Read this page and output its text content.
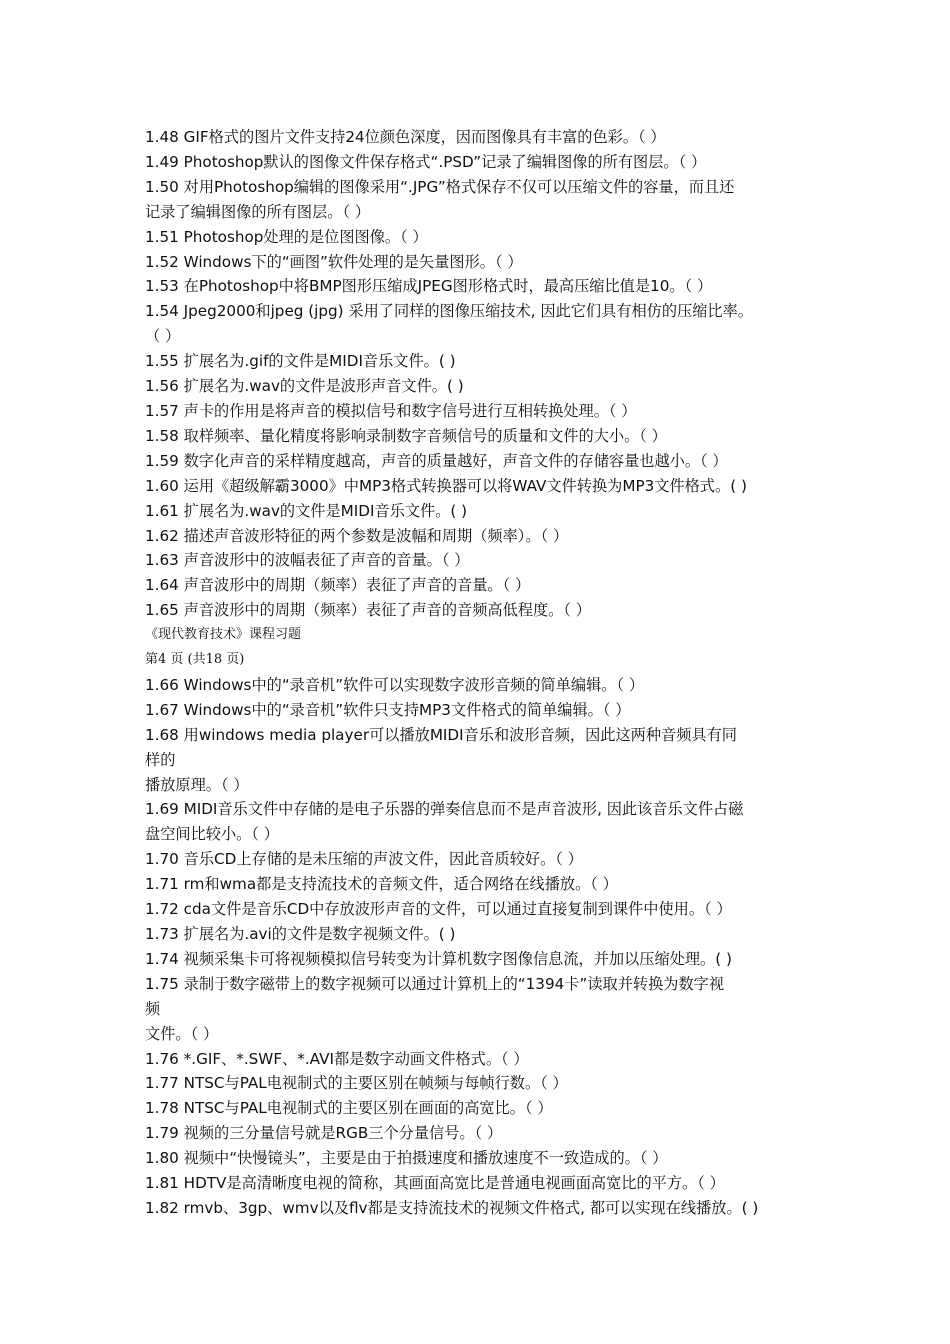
1.48 GIF格式的图片文件支持24位颜色深度，因而图像具有丰富的色彩。（ ）
1.49 Photoshop默认的图像文件保存格式“.PSD”记录了编辑图像的所有图层。（ ）
1.50 对用Photoshop编辑的图像采用“.JPG”格式保存不仅可以压缩文件的容量，而且还
记录了编辑图像的所有图层。（ ）
1.51 Photoshop处理的是位图图像。（ ）
1.52 Windows下的“画图”软件处理的是矢量图形。（ ）
1.53 在Photoshop中将BMP图形压缩成JPEG图形格式时，最高压缩比值是10。（ ）
1.54 Jpeg2000和jpeg (jpg) 采用了同样的图像压缩技术, 因此它们具有相仿的压缩比率。
（ ）
1.55 扩展名为.gif的文件是MIDI音乐文件。( )
1.56 扩展名为.wav的文件是波形声音文件。( )
1.57 声卡的作用是将声音的模拟信号和数字信号进行互相转换处理。（ ）
1.58 取样频率、量化精度将影响录制数字音频信号的质量和文件的大小。（ ）
1.59 数字化声音的采样精度越高，声音的质量越好，声音文件的存储容量也越小。（ ）
1.60 运用《超级解霸3000》中MP3格式转换器可以将WAV文件转换为MP3文件格式。( )
1.61 扩展名为.wav的文件是MIDI音乐文件。( )
1.62 描述声音波形特征的两个参数是波幅和周期（频率）。（ ）
1.63 声音波形中的波幅表征了声音的音量。（ ）
1.64 声音波形中的周期（频率）表征了声音的音量。（ ）
1.65 声音波形中的周期（频率）表征了声音的音频高低程度。（ ）
《现代教育技术》课程习题
第4 页 (共18 页)
1.66 Windows中的“录音机”软件可以实现数字波形音频的简单编辑。（ ）
1.67 Windows中的“录音机”软件只支持MP3文件格式的简单编辑。（ ）
1.68 用windows media player可以播放MIDI音乐和波形音频，因此这两种音频具有同
样的
播放原理。（ ）
1.69 MIDI音乐文件中存储的是电子乐器的弹奏信息而不是声音波形, 因此该音乐文件占磁
盘空间比较小。（ ）
1.70 音乐CD上存储的是未压缩的声波文件，因此音质较好。（ ）
1.71 rm和wma都是支持流技术的音频文件，适合网络在线播放。（ ）
1.72 cda文件是音乐CD中存放波形声音的文件，可以通过直接复制到课件中使用。（ ）
1.73 扩展名为.avi的文件是数字视频文件。( )
1.74 视频采集卡可将视频模拟信号转变为计算机数字图像信息流，并加以压缩处理。( )
1.75 录制于数字磁带上的数字视频可以通过计算机上的“1394卡”读取并转换为数字视
频
文件。（ ）
1.76 *.GIF、*.SWF、*.AVI都是数字动画文件格式。（ ）
1.77 NTSC与PAL电视制式的主要区别在帧频与每帧行数。（ ）
1.78 NTSC与PAL电视制式的主要区别在画面的高宽比。（ ）
1.79 视频的三分量信号就是RGB三个分量信号。（ ）
1.80 视频中“快慢镜头”，主要是由于拍摄速度和播放速度不一致造成的。（ ）
1.81 HDTV是高清晰度电视的简称，其画面高宽比是普通电视画面高宽比的平方。（ ）
1.82 rmvb、3gp、wmv以及flv都是支持流技术的视频文件格式, 都可以实现在线播放。( )
